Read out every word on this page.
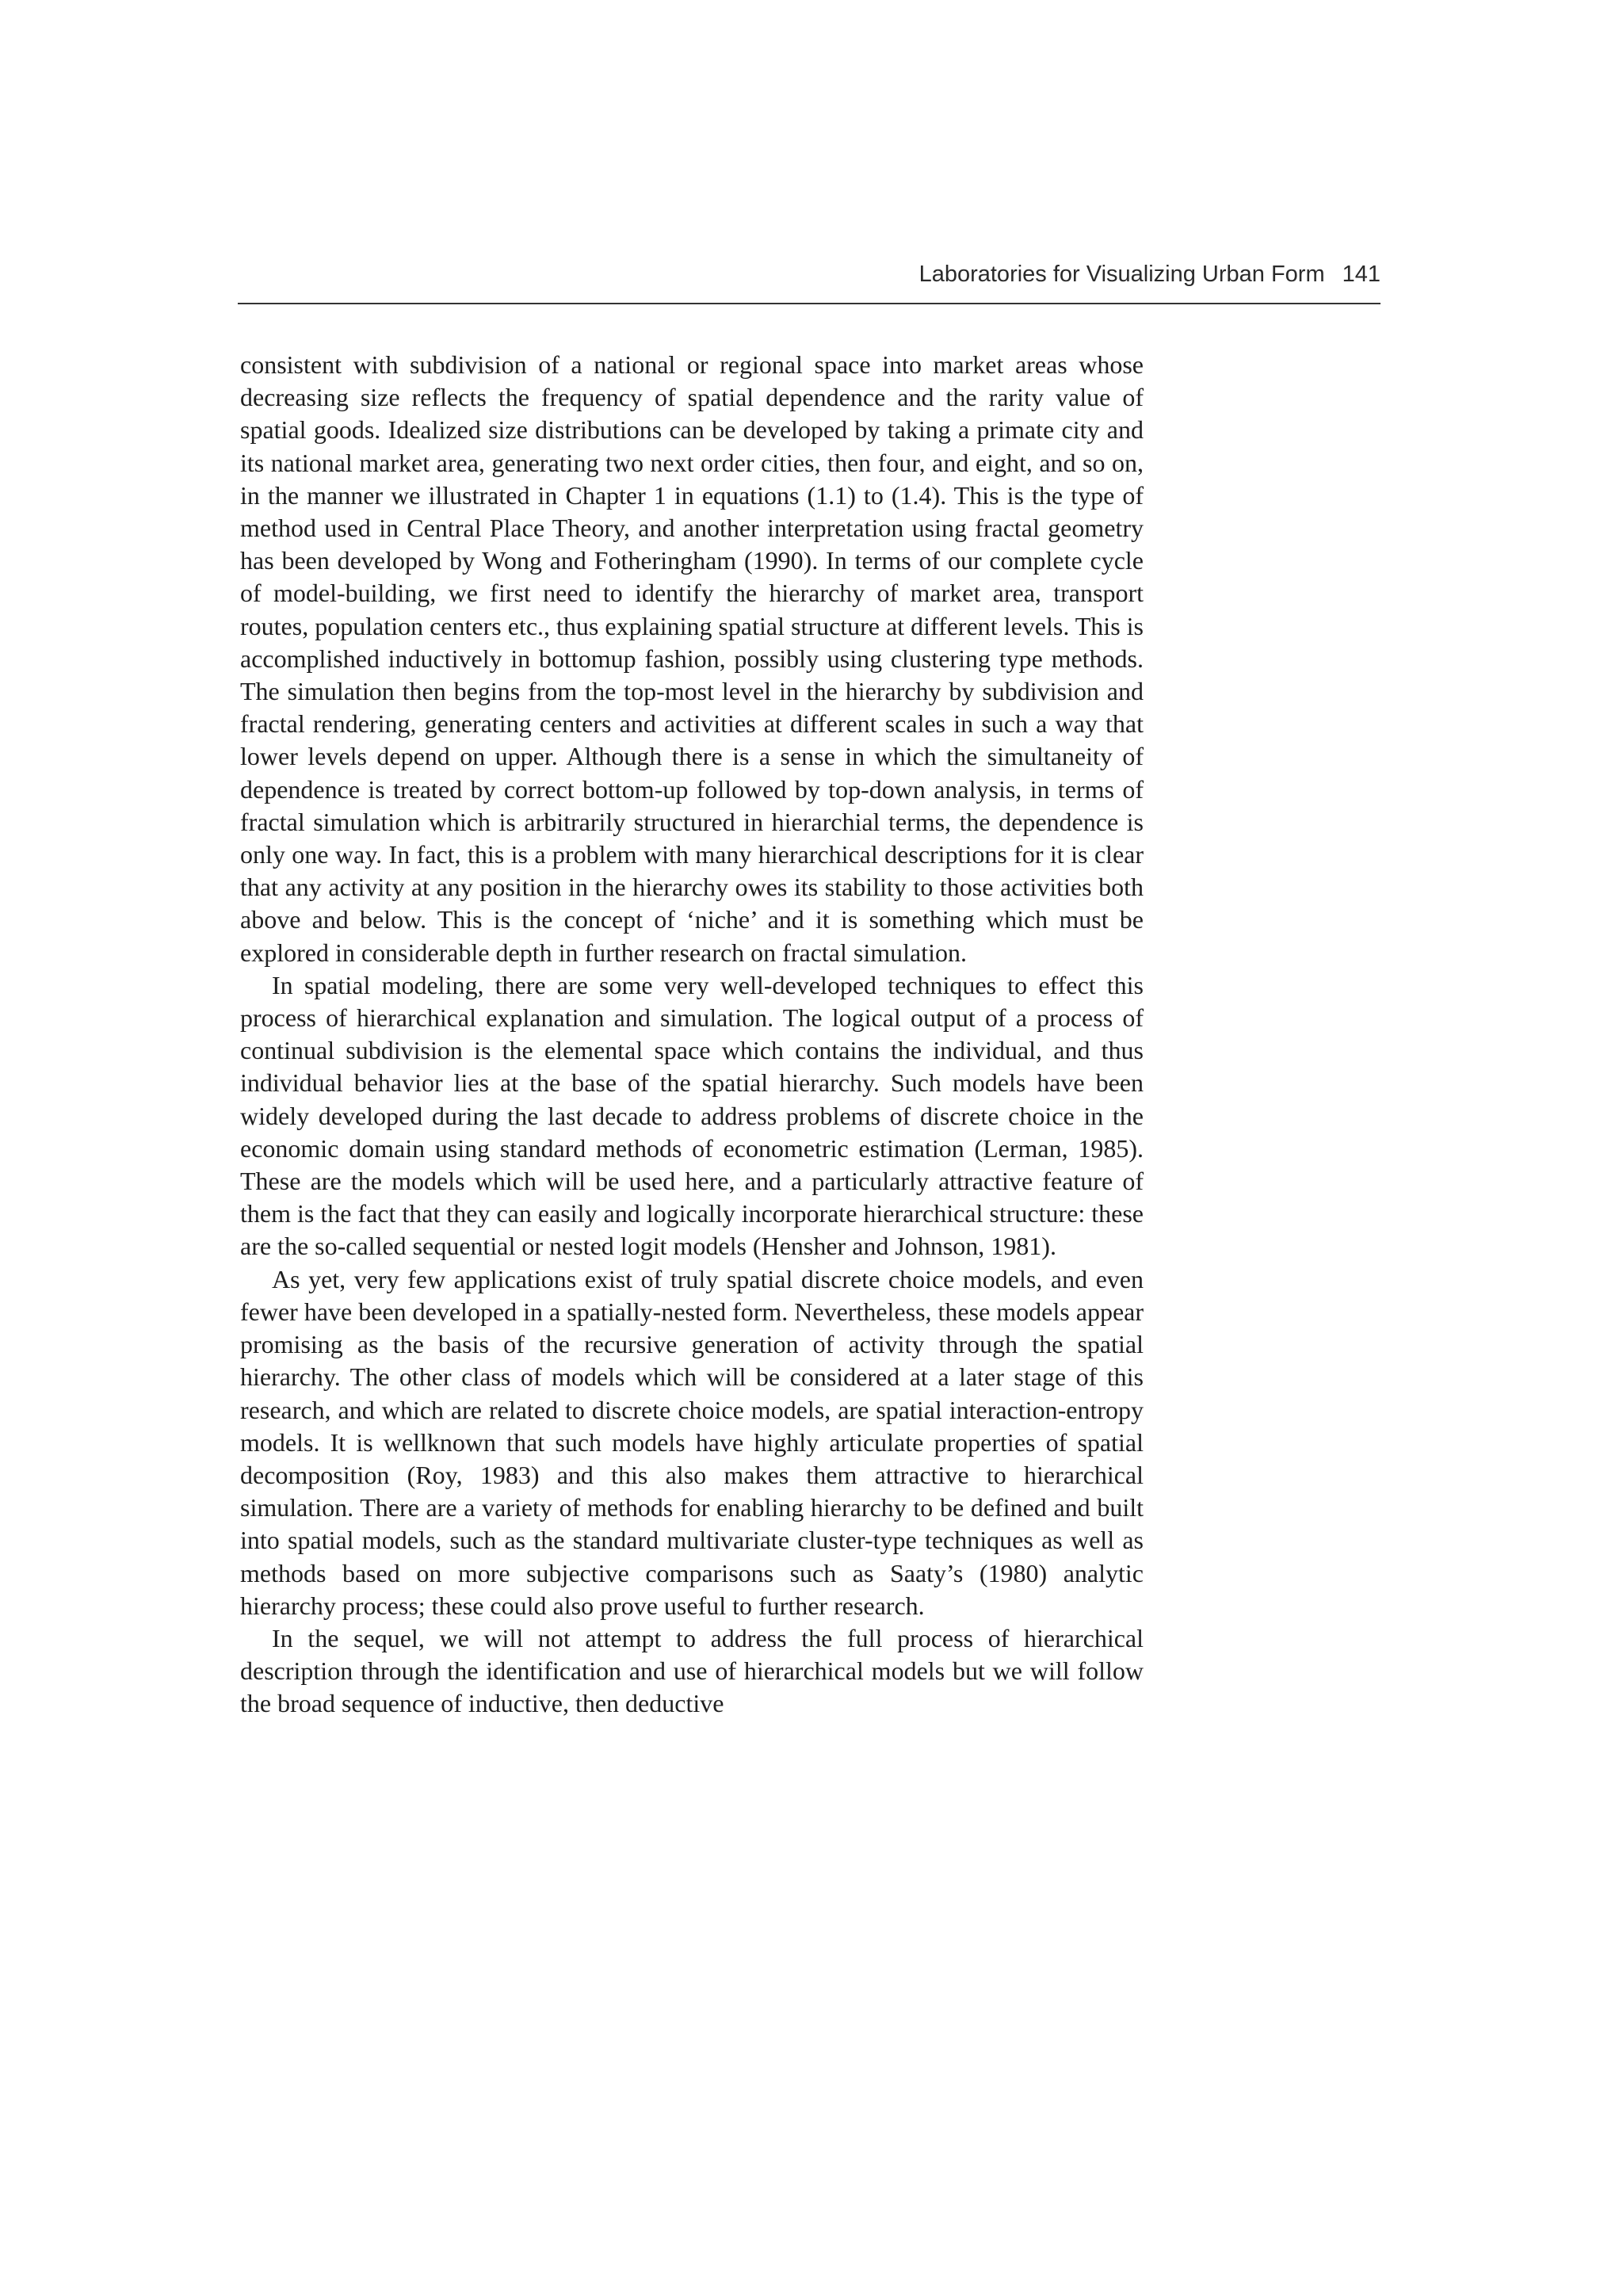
Laboratories for Visualizing Urban Form 141

consistent with subdivision of a national or regional space into market areas whose decreasing size reflects the frequency of spatial dependence and the rarity value of spatial goods. Idealized size distributions can be developed by taking a primate city and its national market area, generating two next order cities, then four, and eight, and so on, in the manner we illustrated in Chapter 1 in equations (1.1) to (1.4). This is the type of method used in Central Place Theory, and another interpretation using fractal geometry has been developed by Wong and Fotheringham (1990). In terms of our complete cycle of model-building, we first need to identify the hierarchy of market area, transport routes, population centers etc., thus explaining spatial structure at different levels. This is accomplished inductively in bottomup fashion, possibly using clustering type methods. The simulation then begins from the top-most level in the hierarchy by subdivision and fractal rendering, generating centers and activities at different scales in such a way that lower levels depend on upper. Although there is a sense in which the simultaneity of dependence is treated by correct bottom-up followed by top-down analysis, in terms of fractal simulation which is arbitrarily structured in hierarchial terms, the dependence is only one way. In fact, this is a problem with many hierarchical descriptions for it is clear that any activity at any position in the hierarchy owes its stability to those activities both above and below. This is the concept of ‘niche’ and it is something which must be explored in considerable depth in further research on fractal simulation.

In spatial modeling, there are some very well-developed techniques to effect this process of hierarchical explanation and simulation. The logical output of a process of continual subdivision is the elemental space which contains the individual, and thus individual behavior lies at the base of the spatial hierarchy. Such models have been widely developed during the last decade to address problems of discrete choice in the economic domain using standard methods of econometric estimation (Lerman, 1985). These are the models which will be used here, and a particularly attractive feature of them is the fact that they can easily and logically incorporate hierarchical structure: these are the so-called sequential or nested logit models (Hensher and Johnson, 1981).

As yet, very few applications exist of truly spatial discrete choice models, and even fewer have been developed in a spatially-nested form. Nevertheless, these models appear promising as the basis of the recursive generation of activity through the spatial hierarchy. The other class of models which will be considered at a later stage of this research, and which are related to discrete choice models, are spatial interaction-entropy models. It is wellknown that such models have highly articulate properties of spatial decomposition (Roy, 1983) and this also makes them attractive to hierarchical simulation. There are a variety of methods for enabling hierarchy to be defined and built into spatial models, such as the standard multivariate cluster-type techniques as well as methods based on more subjective comparisons such as Saaty’s (1980) analytic hierarchy process; these could also prove useful to further research.

In the sequel, we will not attempt to address the full process of hierarchical description through the identification and use of hierarchical models but we will follow the broad sequence of inductive, then deductive
